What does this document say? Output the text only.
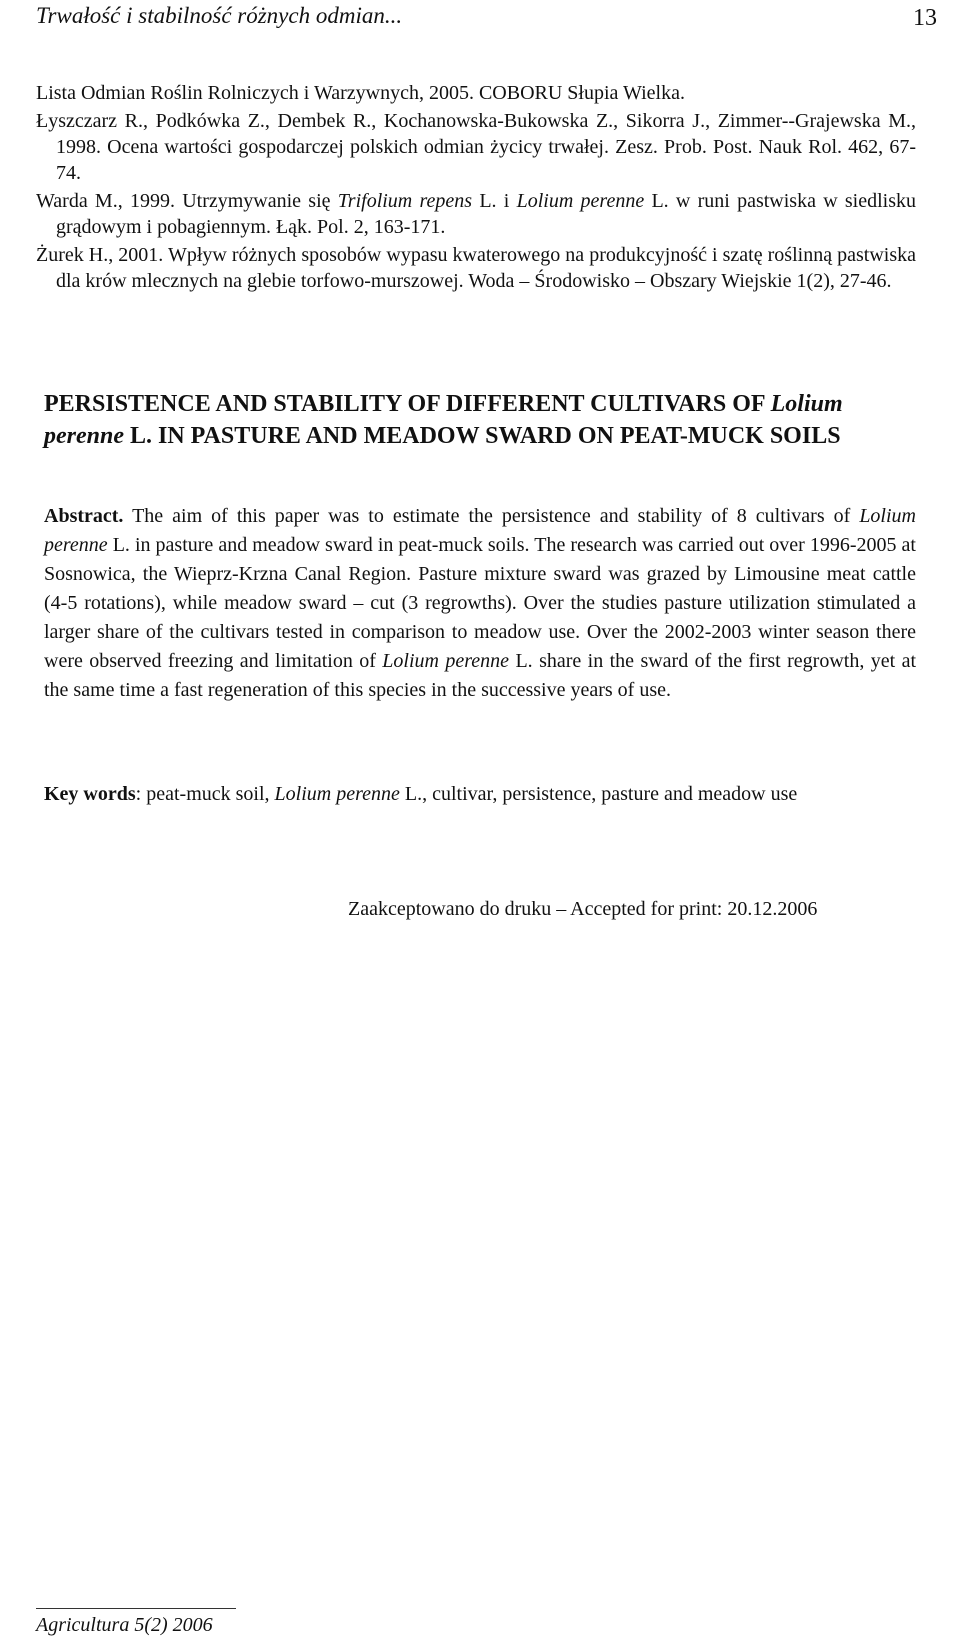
Trwałość i stabilność różnych odmian...	13

Lista Odmian Roślin Rolniczych i Warzywnych, 2005. COBORU Słupia Wielka.

Łyszczarz R., Podkówka Z., Dembek R., Kochanowska-Bukowska Z., Sikorra J., Zimmer--Grajewska M., 1998. Ocena wartości gospodarczej polskich odmian życicy trwałej. Zesz. Prob. Post. Nauk Rol. 462, 67-74.

Warda M., 1999. Utrzymywanie się Trifolium repens L. i Lolium perenne L. w runi pastwiska w siedlisku grądowym i pobagiennym. Łąk. Pol. 2, 163-171.

Żurek H., 2001. Wpływ różnych sposobów wypasu kwaterowego na produkcyjność i szatę roślinną pastwiska dla krów mlecznych na glebie torfowo-murszowej. Woda – Środowisko – Obszary Wiejskie 1(2), 27-46.

PERSISTENCE AND STABILITY OF DIFFERENT CULTIVARS OF Lolium perenne L. IN PASTURE AND MEADOW SWARD ON PEAT-MUCK SOILS

Abstract. The aim of this paper was to estimate the persistence and stability of 8 cultivars of Lolium perenne L. in pasture and meadow sward in peat-muck soils. The research was carried out over 1996-2005 at Sosnowica, the Wieprz-Krzna Canal Region. Pasture mixture sward was grazed by Limousine meat cattle (4-5 rotations), while meadow sward – cut (3 regrowths). Over the studies pasture utilization stimulated a larger share of the cultivars tested in comparison to meadow use. Over the 2002-2003 winter season there were observed freezing and limitation of Lolium perenne L. share in the sward of the first regrowth, yet at the same time a fast regeneration of this species in the successive years of use.

Key words: peat-muck soil, Lolium perenne L., cultivar, persistence, pasture and meadow use

Zaakceptowano do druku – Accepted for print: 20.12.2006
Agricultura 5(2) 2006
